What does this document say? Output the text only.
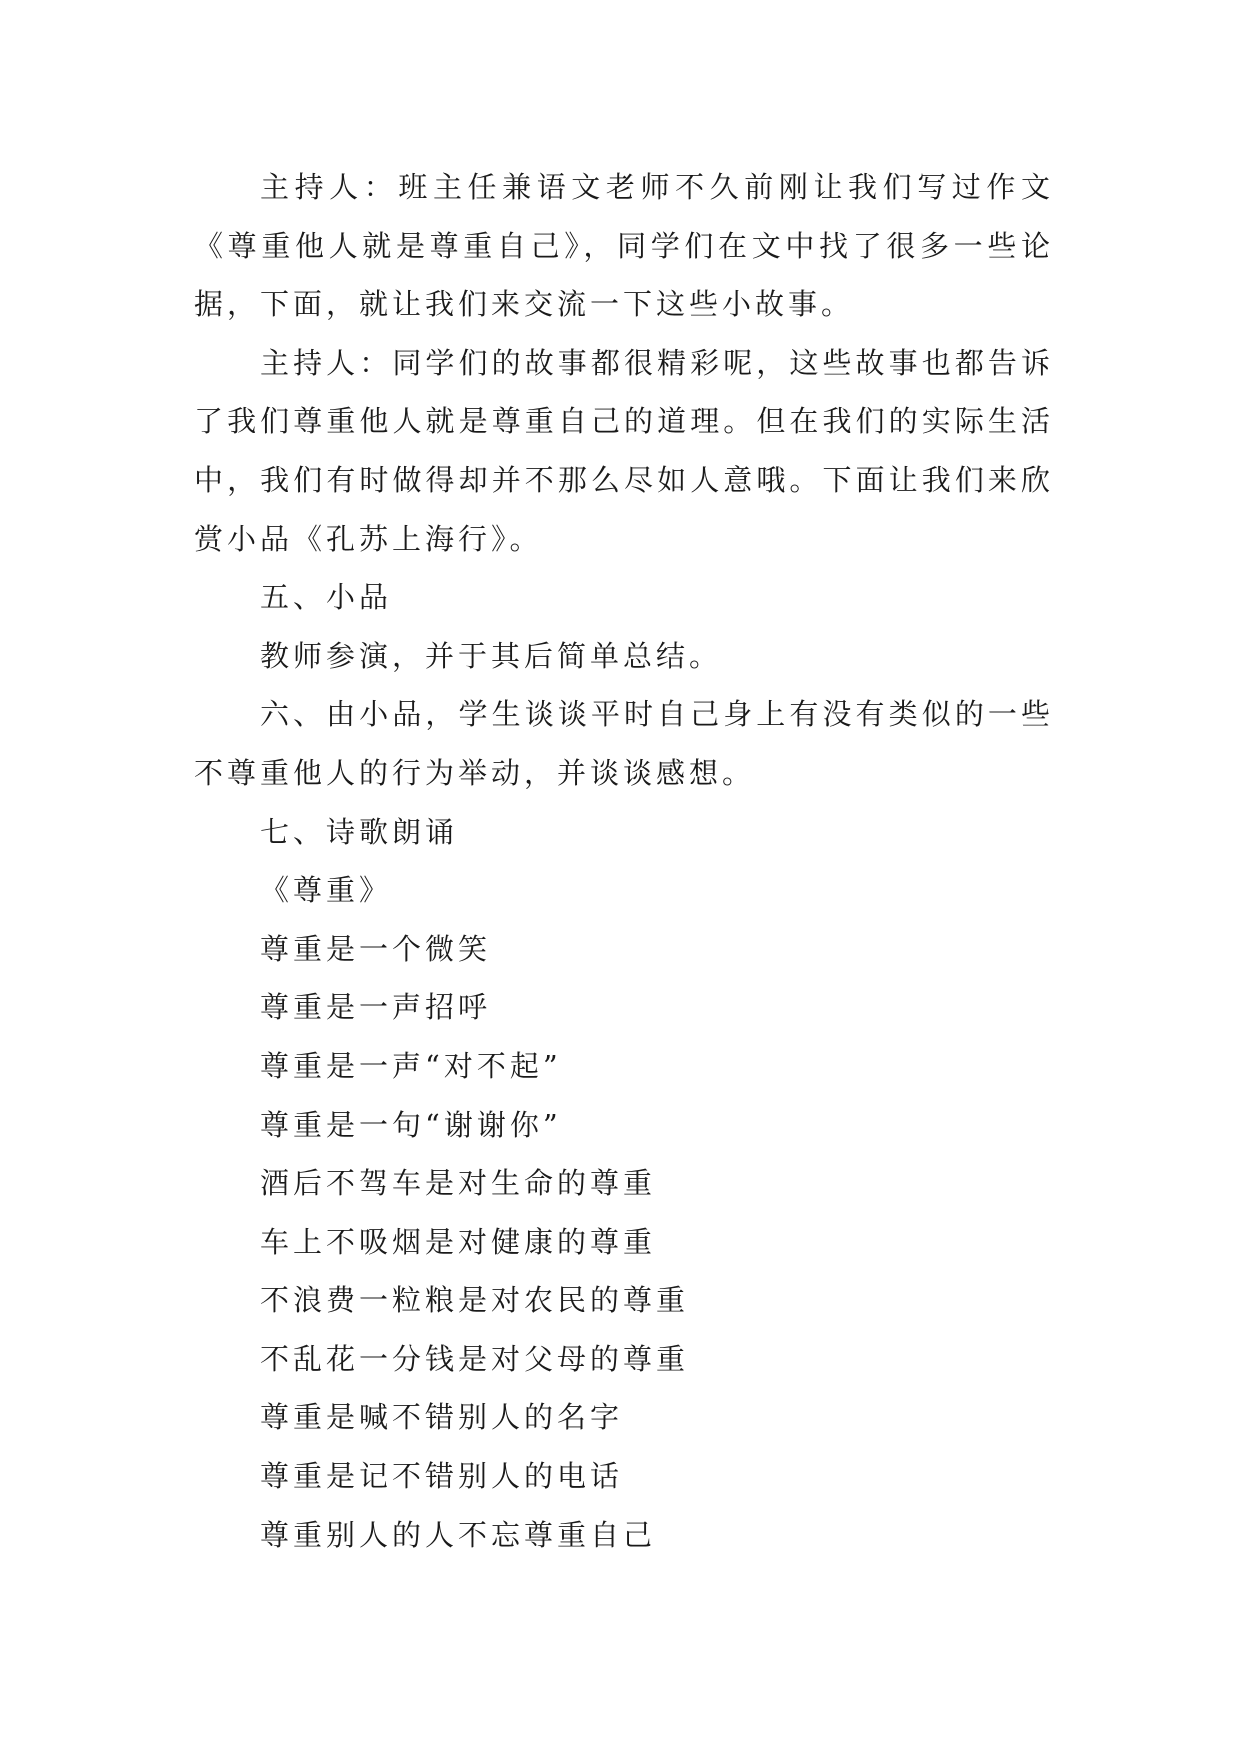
主持人：班主任兼语文老师不久前刚让我们写过作文《尊重他人就是尊重自己》，同学们在文中找了很多一些论据，下面，就让我们来交流一下这些小故事。

主持人：同学们的故事都很精彩呢，这些故事也都告诉了我们尊重他人就是尊重自己的道理。但在我们的实际生活中，我们有时做得却并不那么尽如人意哦。下面让我们来欣赏小品《孔苏上海行》。

五、小品

教师参演，并于其后简单总结。

六、由小品，学生谈谈平时自己身上有没有类似的一些不尊重他人的行为举动，并谈谈感想。

七、诗歌朗诵

《尊重》

尊重是一个微笑

尊重是一声招呼

尊重是一声“对不起”

尊重是一句“谢谢你”

酒后不驾车是对生命的尊重

车上不吸烟是对健康的尊重

不浪费一粒粮是对农民的尊重

不乱花一分钱是对父母的尊重

尊重是喊不错别人的名字

尊重是记不错别人的电话

尊重别人的人不忘尊重自己
